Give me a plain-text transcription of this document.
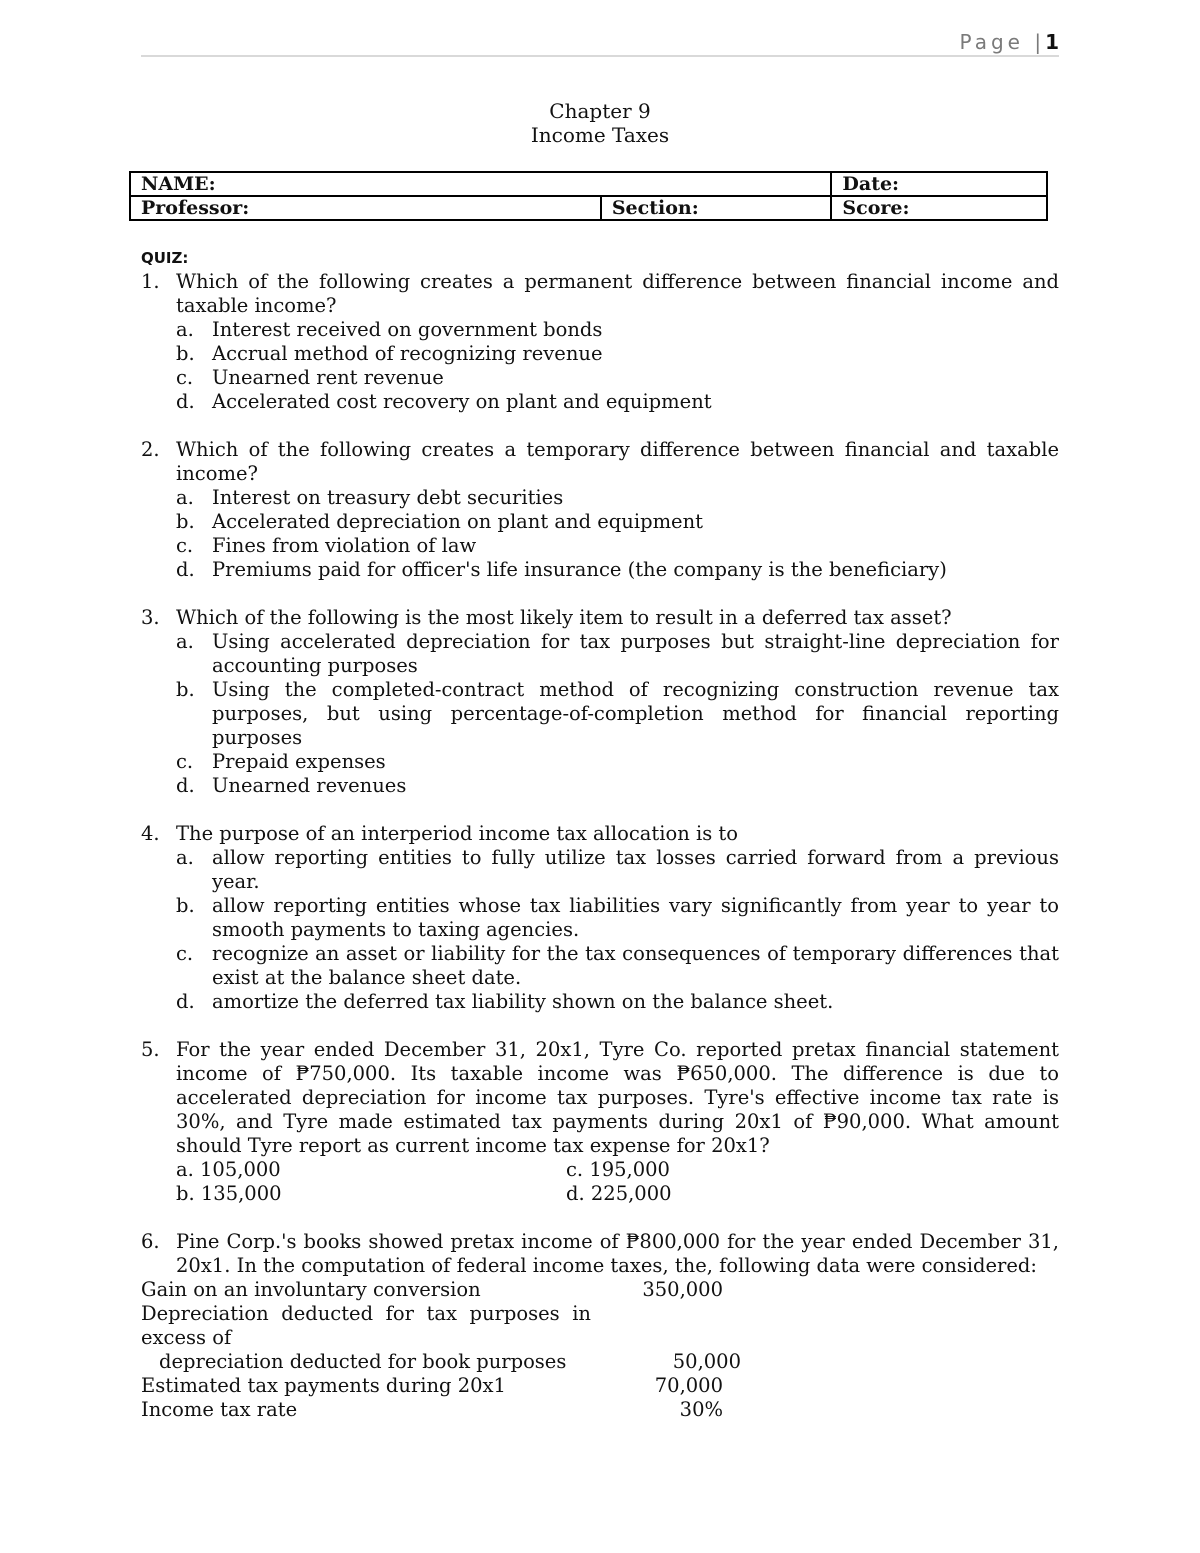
Page |1
Chapter 9
Income Taxes
NAME:		Date:
Professor:	Section:	Score:
QUIZ:
1. Which of the following creates a permanent difference between financial income and taxable income?
a. Interest received on government bonds
b. Accrual method of recognizing revenue
c. Unearned rent revenue
d. Accelerated cost recovery on plant and equipment
2. Which of the following creates a temporary difference between financial and taxable income?
a. Interest on treasury debt securities
b. Accelerated depreciation on plant and equipment
c. Fines from violation of law
d. Premiums paid for officer's life insurance (the company is the beneficiary)
3. Which of the following is the most likely item to result in a deferred tax asset?
a. Using accelerated depreciation for tax purposes but straight-line depreciation for accounting purposes
b. Using the completed-contract method of recognizing construction revenue tax purposes, but using percentage-of-completion method for financial reporting purposes
c. Prepaid expenses
d. Unearned revenues
4. The purpose of an interperiod income tax allocation is to
a. allow reporting entities to fully utilize tax losses carried forward from a previous year.
b. allow reporting entities whose tax liabilities vary significantly from year to year to smooth payments to taxing agencies.
c. recognize an asset or liability for the tax consequences of temporary differences that exist at the balance sheet date.
d. amortize the deferred tax liability shown on the balance sheet.
5. For the year ended December 31, 20x1, Tyre Co. reported pretax financial statement income of ₱750,000. Its taxable income was ₱650,000. The difference is due to accelerated depreciation for income tax purposes. Tyre's effective income tax rate is 30%, and Tyre made estimated tax payments during 20x1 of ₱90,000. What amount should Tyre report as current income tax expense for 20x1?
a. 105,000	c. 195,000
b. 135,000	d. 225,000
6. Pine Corp.'s books showed pretax income of ₱800,000 for the year ended December 31, 20x1. In the computation of federal income taxes, the, following data were considered:
Gain on an involuntary conversion	350,000
Depreciation deducted for tax purposes in excess of
depreciation deducted for book purposes	50,000
Estimated tax payments during 20x1	70,000
Income tax rate	30%
